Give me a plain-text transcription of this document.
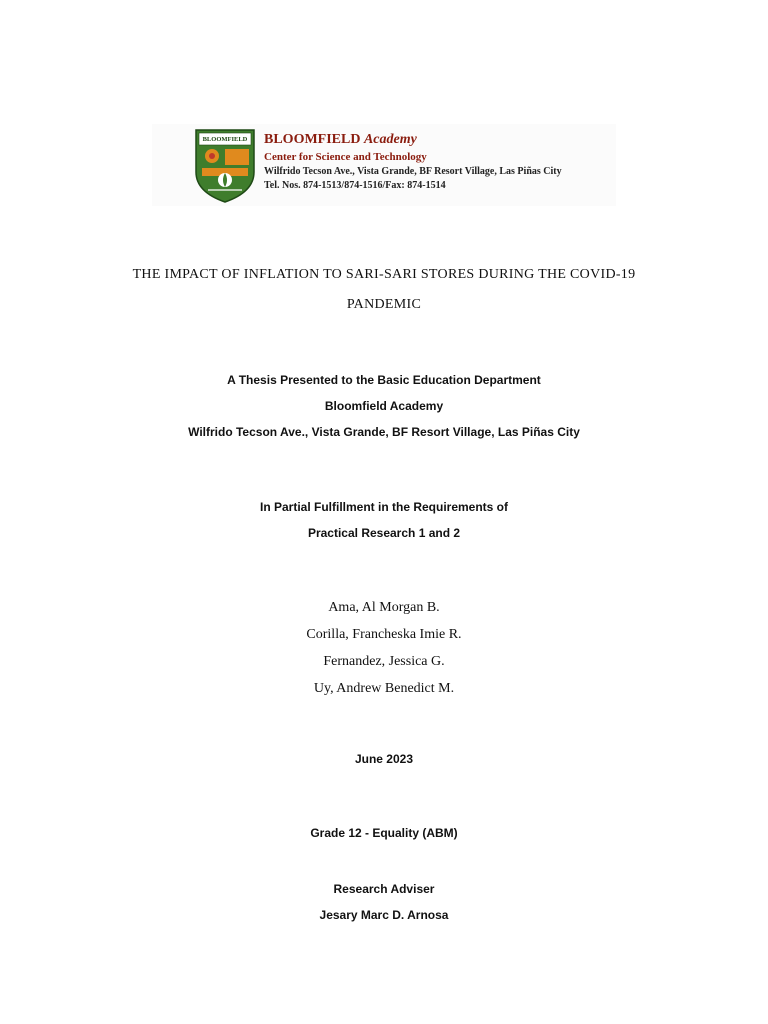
BLOOMFIELD BLOOMFIELD Academy
Center for Science and Technology
Wilfrido Tecson Ave., Vista Grande, BF Resort Village, Las Piñas City
Tel. Nos. 874-1513/874-1516/Fax: 874-1514
THE IMPACT OF INFLATION TO SARI-SARI STORES DURING THE COVID-19
PANDEMIC
A Thesis Presented to the Basic Education Department
Bloomfield Academy
Wilfrido Tecson Ave., Vista Grande, BF Resort Village, Las Piñas City
In Partial Fulfillment in the Requirements of
Practical Research 1 and 2
Ama, Al Morgan B.
Corilla, Francheska Imie R.
Fernandez, Jessica G.
Uy, Andrew Benedict M.
June 2023
Grade 12 - Equality (ABM)
Research Adviser
Jesary Marc D. Arnosa
